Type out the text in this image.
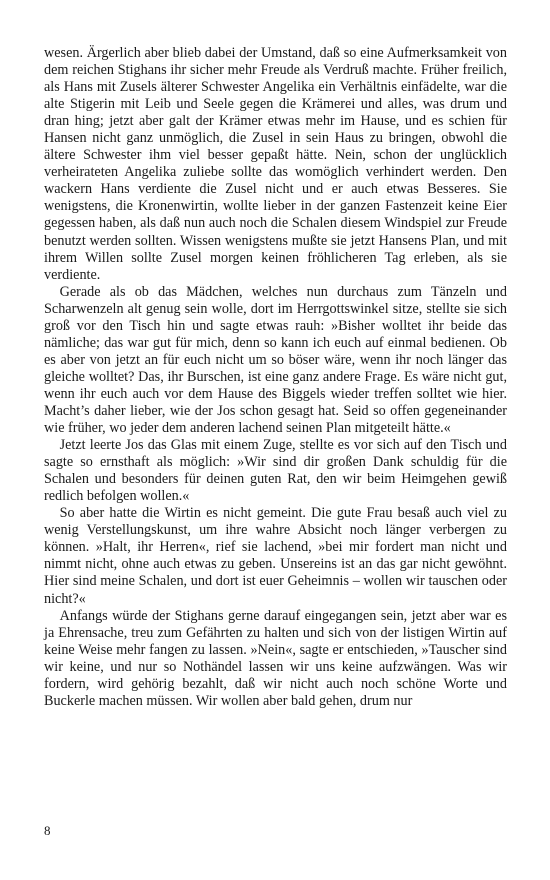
wesen. Ärgerlich aber blieb dabei der Umstand, daß so eine Aufmerksamkeit von dem reichen Stighans ihr sicher mehr Freude als Verdruß machte. Früher freilich, als Hans mit Zusels älterer Schwester Angelika ein Verhältnis einfädelte, war die alte Stigerin mit Leib und Seele gegen die Krämerei und alles, was drum und dran hing; jetzt aber galt der Krämer etwas mehr im Hause, und es schien für Hansen nicht ganz unmöglich, die Zusel in sein Haus zu bringen, obwohl die ältere Schwester ihm viel besser gepaßt hätte. Nein, schon der unglücklich verheirateten Angelika zuliebe sollte das womöglich verhindert werden. Den wackern Hans verdiente die Zusel nicht und er auch etwas Besseres. Sie wenigstens, die Kronenwirtin, wollte lieber in der ganzen Fastenzeit keine Eier gegessen haben, als daß nun auch noch die Schalen diesem Windspiel zur Freude benutzt werden sollten. Wissen wenigstens mußte sie jetzt Hansens Plan, und mit ihrem Willen sollte Zusel morgen keinen fröhlicheren Tag erleben, als sie verdiente.

Gerade als ob das Mädchen, welches nun durchaus zum Tänzeln und Scharwenzeln alt genug sein wolle, dort im Herrgottswinkel sitze, stellte sie sich groß vor den Tisch hin und sagte etwas rauh: »Bisher wolltet ihr beide das nämliche; das war gut für mich, denn so kann ich euch auf einmal bedienen. Ob es aber von jetzt an für euch nicht um so böser wäre, wenn ihr noch länger das gleiche wolltet? Das, ihr Burschen, ist eine ganz andere Frage. Es wäre nicht gut, wenn ihr euch auch vor dem Hause des Biggels wieder treffen solltet wie hier. Macht’s daher lieber, wie der Jos schon gesagt hat. Seid so offen gegeneinander wie früher, wo jeder dem anderen lachend seinen Plan mitgeteilt hätte.«

Jetzt leerte Jos das Glas mit einem Zuge, stellte es vor sich auf den Tisch und sagte so ernsthaft als möglich: »Wir sind dir großen Dank schuldig für die Schalen und besonders für deinen guten Rat, den wir beim Heimgehen gewiß redlich befolgen wollen.«

So aber hatte die Wirtin es nicht gemeint. Die gute Frau besaß auch viel zu wenig Verstellungskunst, um ihre wahre Absicht noch länger verbergen zu können. »Halt, ihr Herren«, rief sie lachend, »bei mir fordert man nicht und nimmt nicht, ohne auch etwas zu geben. Unsereins ist an das gar nicht gewöhnt. Hier sind meine Schalen, und dort ist euer Geheimnis – wollen wir tauschen oder nicht?«

Anfangs würde der Stighans gerne darauf eingegangen sein, jetzt aber war es ja Ehrensache, treu zum Gefährten zu halten und sich von der listigen Wirtin auf keine Weise mehr fangen zu lassen. »Nein«, sagte er entschieden, »Tauscher sind wir keine, und nur so Nothändel lassen wir uns keine aufzwängen. Was wir fordern, wird gehörig bezahlt, daß wir nicht auch noch schöne Worte und Buckerle machen müssen. Wir wollen aber bald gehen, drum nur

8
